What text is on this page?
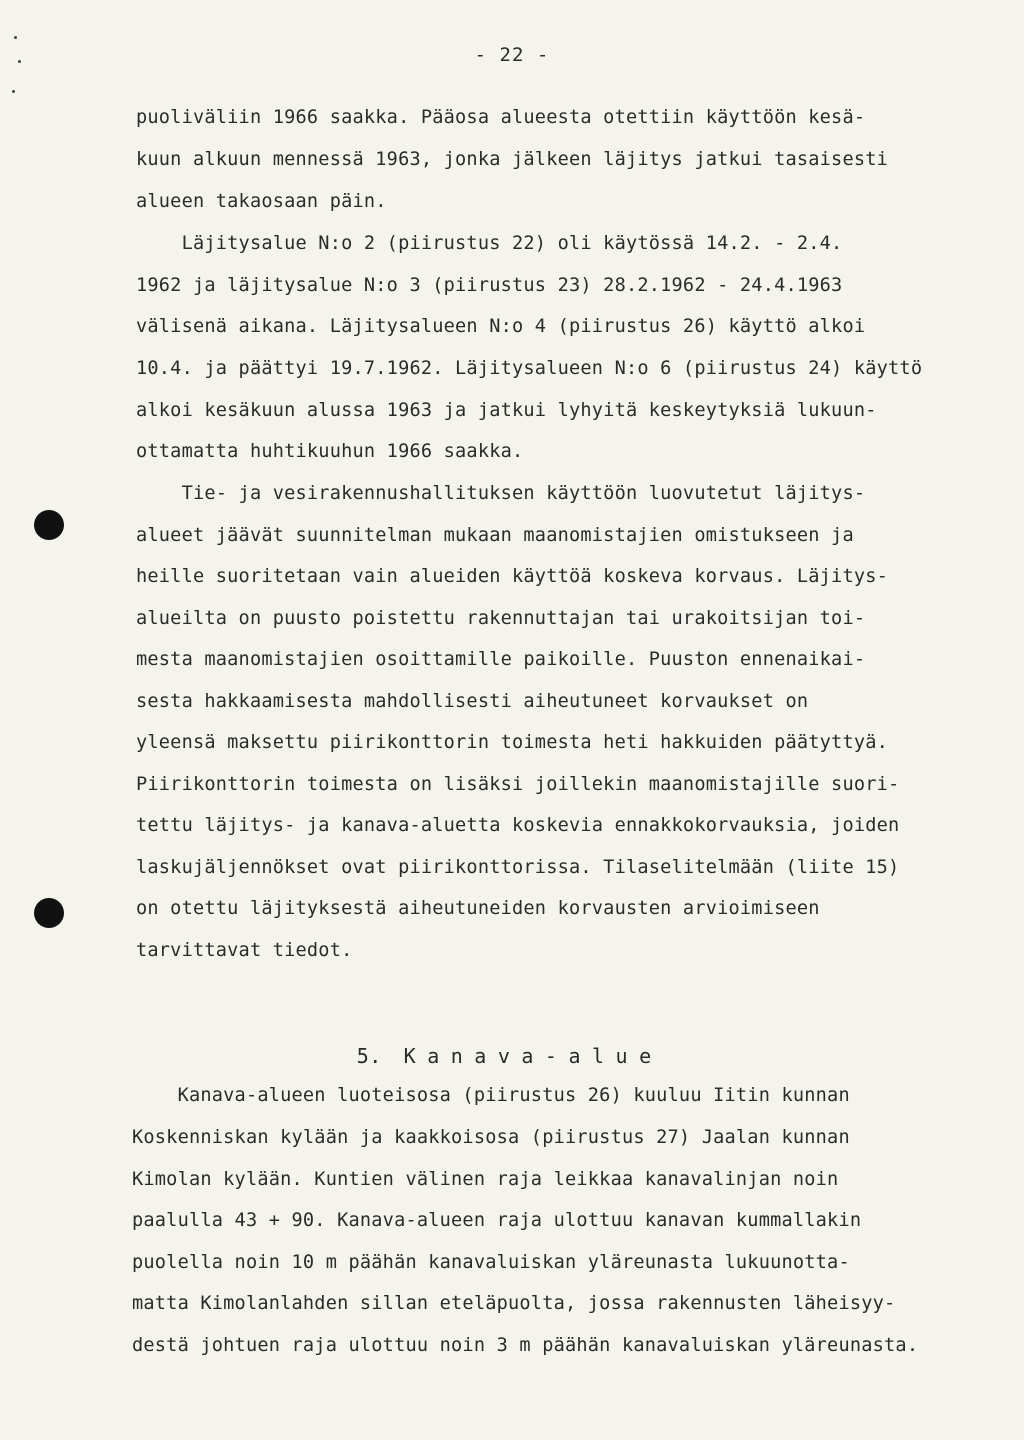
- 22 -
puoliväliin 1966 saakka. Pääosa alueesta otettiin käyttöön kesä-
kuun alkuun mennessä 1963, jonka jälkeen läjitys jatkui tasaisesti
alueen takaosaan päin.
Läjitysalue N:o 2 (piirustus 22) oli käytössä 14.2. - 2.4.
1962 ja läjitysalue N:o 3 (piirustus 23) 28.2.1962 - 24.4.1963
välisenä aikana. Läjitysalueen N:o 4 (piirustus 26) käyttö alkoi
10.4. ja päättyi 19.7.1962. Läjitysalueen N:o 6 (piirustus 24) käyttö
alkoi kesäkuun alussa 1963 ja jatkui lyhyitä keskeytyksiä lukuun-
ottamatta huhtikuuhun 1966 saakka.
Tie- ja vesirakennushallituksen käyttöön luovutetut läjitys-
alueet jäävät suunnitelman mukaan maanomistajien omistukseen ja
heille suoritetaan vain alueiden käyttöä koskeva korvaus. Läjitys-
alueilta on puusto poistettu rakennuttajan tai urakoitsijan toi-
mesta maanomistajien osoittamille paikoille. Puuston ennenaikai-
sesta hakkaamisesta mahdollisesti aiheutuneet korvaukset on
yleensä maksettu piirikonttorin toimesta heti hakkuiden päätyttyä.
Piirikonttorin toimesta on lisäksi joillekin maanomistajille suori-
tettu läjitys- ja kanava-aluetta koskevia ennakkokorvauksia, joiden
laskujäljennökset ovat piirikonttorissa. Tilaselitelmään (liite 15)
on otettu läjityksestä aiheutuneiden korvausten arvioimiseen
tarvittavat tiedot.

5. Kanava-alue

Kanava-alueen luoteisosa (piirustus 26) kuuluu Iitin kunnan
Koskenniskan kylään ja kaakkoisosa (piirustus 27) Jaalan kunnan
Kimolan kylään. Kuntien välinen raja leikkaa kanavalinjan noin
paalulla 43 + 90. Kanava-alueen raja ulottuu kanavan kummallakin
puolella noin 10 m päähän kanavaluiskan yläreunasta lukuunotta-
matta Kimolanlahden sillan eteläpuolta, jossa rakennusten läheisyy-
destä johtuen raja ulottuu noin 3 m päähän kanavaluiskan yläreunasta.
